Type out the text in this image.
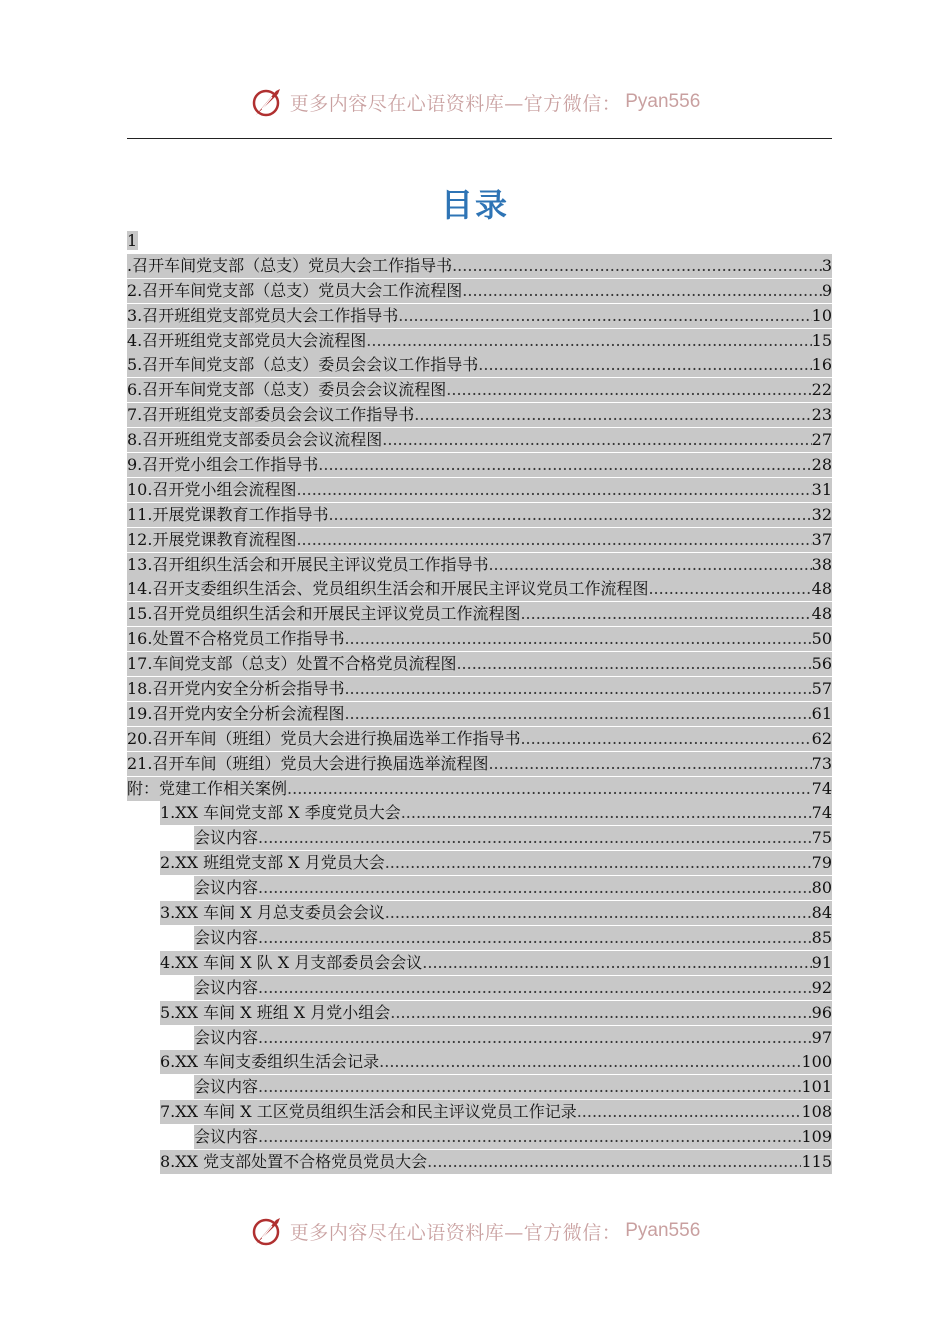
更多内容尽在心语资料库—官方微信： Pyan556
目录
1
.召开车间党支部（总支）党员大会工作指导书 .....	3
2.召开车间党支部（总支）党员大会工作流程图 .....	9
3.召开班组党支部党员大会工作指导书 .....	10
4.召开班组党支部党员大会流程图 .....	15
5.召开车间党支部（总支）委员会会议工作指导书 .....	16
6.召开车间党支部（总支）委员会会议流程图 .....	22
7.召开班组党支部委员会会议工作指导书 .....	23
8.召开班组党支部委员会会议流程图 .....	27
9.召开党小组会工作指导书 .....	28
10.召开党小组会流程图 .....	31
11.开展党课教育工作指导书 .....	32
12.开展党课教育流程图 .....	37
13.召开组织生活会和开展民主评议党员工作指导书 .....	38
14.召开支委组织生活会、党员组织生活会和开展民主评议党员工作流程图 .....	48
15.召开党员组织生活会和开展民主评议党员工作流程图 .....	48
16.处置不合格党员工作指导书 .....	50
17.车间党支部（总支）处置不合格党员流程图 .....	56
18.召开党内安全分析会指导书 .....	57
19.召开党内安全分析会流程图 .....	61
20.召开车间（班组）党员大会进行换届选举工作指导书 .....	62
21.召开车间（班组）党员大会进行换届选举流程图 .....	73
附：党建工作相关案例 .....	74
1.XX 车间党支部 X 季度党员大会 .....	74
会议内容 .....	75
2.XX 班组党支部 X 月党员大会 .....	79
会议内容 .....	80
3.XX 车间 X 月总支委员会会议 .....	84
会议内容 .....	85
4.XX 车间 X 队 X 月支部委员会会议 .....	91
会议内容 .....	92
5.XX 车间 X 班组 X 月党小组会 .....	96
会议内容 .....	97
6.XX 车间支委组织生活会记录 .....	100
会议内容 .....	101
7.XX 车间 X 工区党员组织生活会和民主评议党员工作记录 .....	108
会议内容 .....	109
8.XX 党支部处置不合格党员党员大会 .....	115
更多内容尽在心语资料库—官方微信： Pyan556
